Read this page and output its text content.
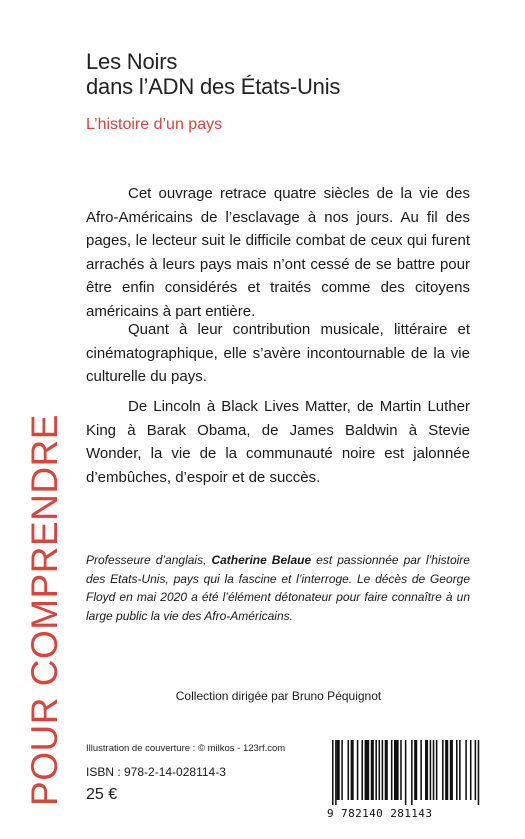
Les Noirs
dans l’ADN des États-Unis
L’histoire d’un pays

Cet ouvrage retrace quatre siècles de la vie des Afro-Américains de l’esclavage à nos jours. Au fil des pages, le lecteur suit le difficile combat de ceux qui furent arrachés à leurs pays mais n’ont cessé de se battre pour être enfin considérés et traités comme des citoyens américains à part entière.

Quant à leur contribution musicale, littéraire et cinématographique, elle s’avère incontournable de la vie culturelle du pays.

De Lincoln à Black Lives Matter, de Martin Luther King à Barak Obama, de James Baldwin à Stevie Wonder, la vie de la communauté noire est jalonnée d’embûches, d’espoir et de succès.

Professeure d’anglais, Catherine Belaue est passionnée par l’histoire des Etats-Unis, pays qui la fascine et l’interroge. Le décès de George Floyd en mai 2020 a été l’élément détonateur pour faire connaître à un large public la vie des Afro-Américains.

Collection dirigée par Bruno Péquignot
POUR COMPRENDRE Illustration de couverture : © milkos - 123rf.com
ISBN : 978-2-14-028114-3
25 €
9 782140 281143
